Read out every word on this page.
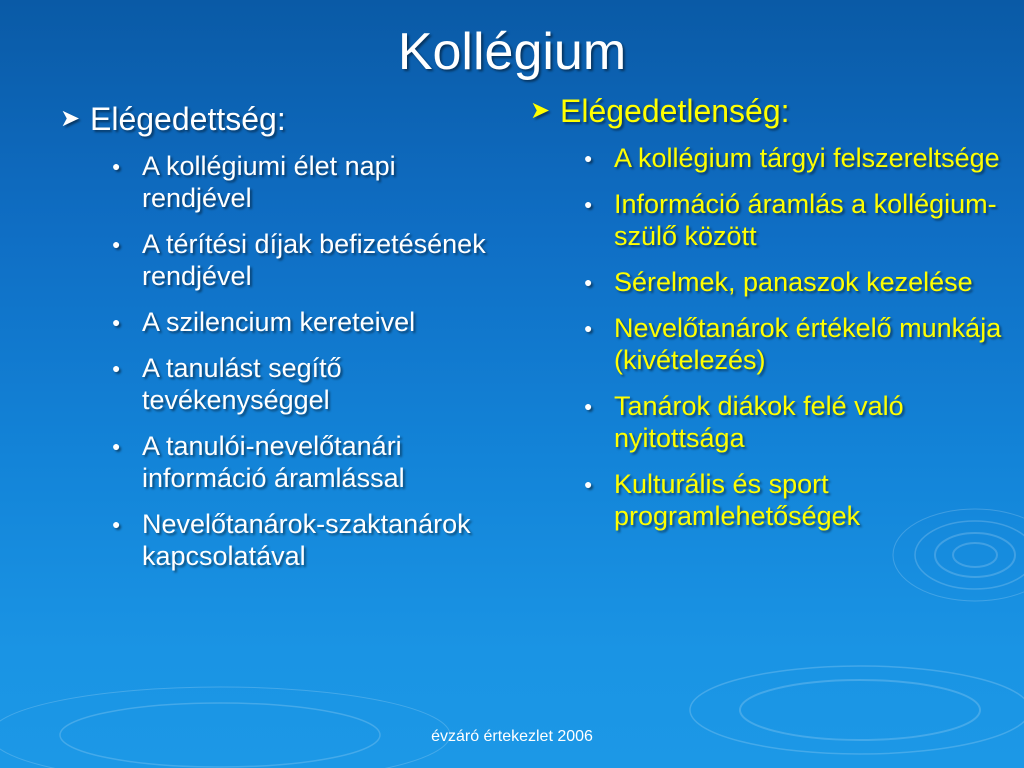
Kollégium
➤ Elégedettség:
● A kollégiumi élet napi rendjével
● A térítési díjak befizetésének rendjével
● A szilencium kereteivel
● A tanulást segítő tevékenységgel
● A tanulói-nevelőtanári információ áramlással
● Nevelőtanárok-szaktanárok kapcsolatával
➤ Elégedetlenség:
● A kollégium tárgyi felszereltsége
● Információ áramlás a kollégium-szülő között
● Sérelmek, panaszok kezelése
● Nevelőtanárok értékelő munkája (kivételezés)
● Tanárok diákok felé való nyitottsága
● Kulturális és sport programlehetőségek
évzáró értekezlet 2006
